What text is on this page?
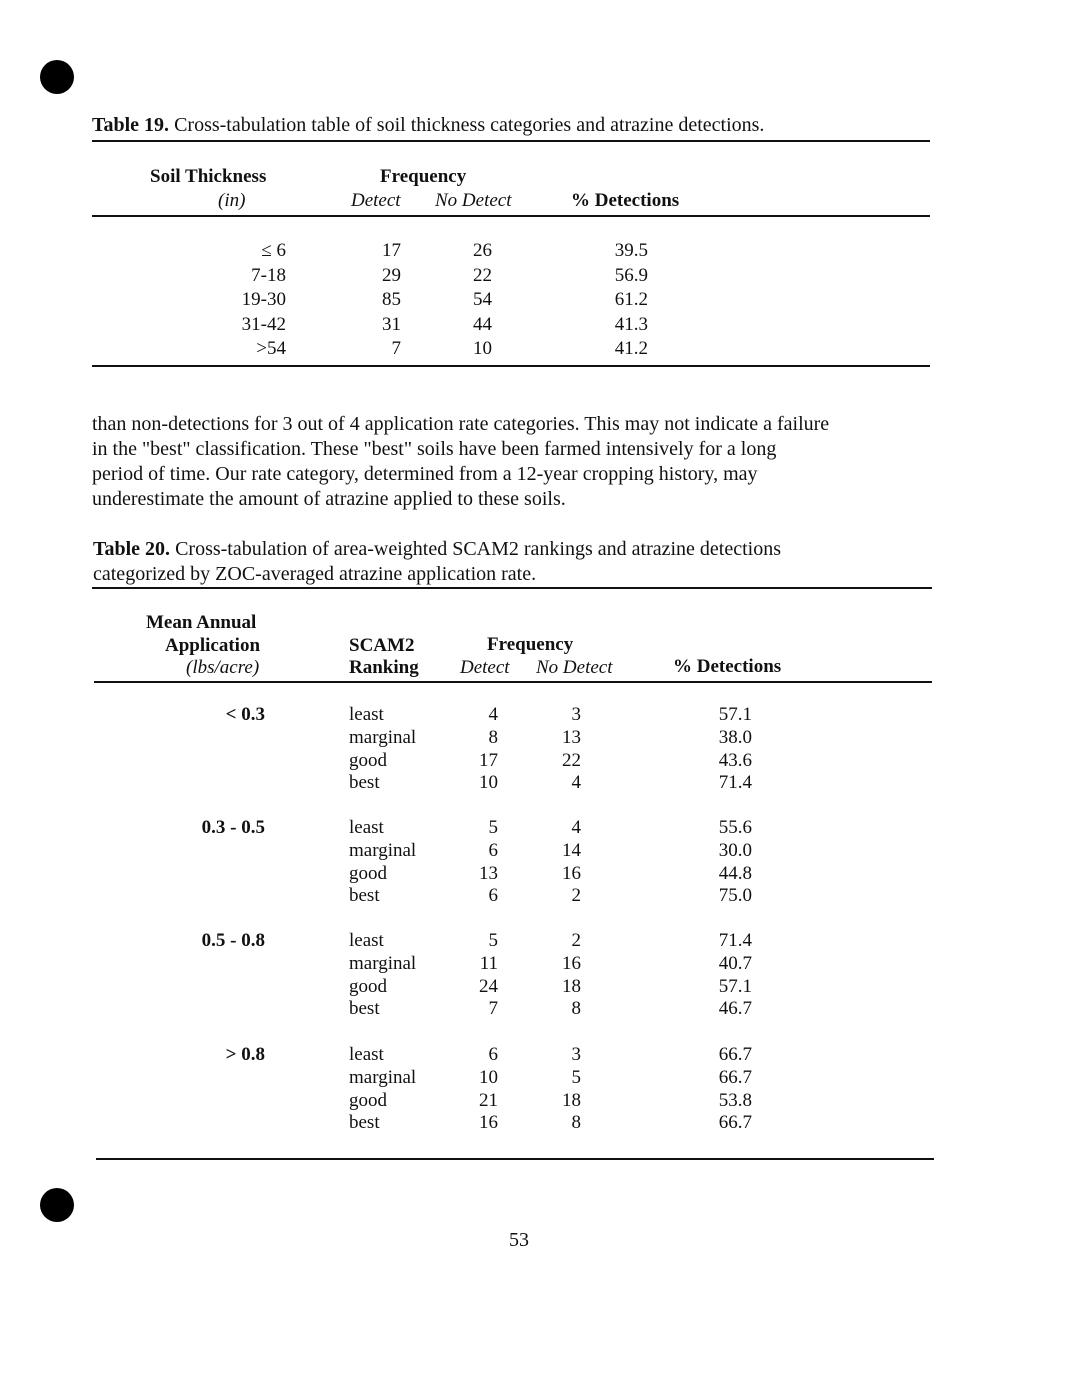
Table 19. Cross-tabulation table of soil thickness categories and atrazine detections.
Soil Thickness
(in)
Frequency
Detect No Detect	% Detections
≤ 6	17	26	39.5
7-18	29	22	56.9
19-30	85	54	61.2
31-42	31	44	41.3
>54	7	10	41.2
than non-detections for 3 out of 4 application rate categories. This may not indicate a failure
in the "best" classification. These "best" soils have been farmed intensively for a long
period of time. Our rate category, determined from a 12-year cropping history, may
underestimate the amount of atrazine applied to these soils.
Table 20. Cross-tabulation of area-weighted SCAM2 rankings and atrazine detections
categorized by ZOC-averaged atrazine application rate.
Mean Annual
Application
(lbs/acre)
SCAM2
Ranking
Frequency
Detect No Detect	% Detections
< 0.3	least	4	3	57.1
marginal	8	13	38.0
good	17	22	43.6
best	10	4	71.4
0.3 - 0.5	least	5	4	55.6
marginal	6	14	30.0
good	13	16	44.8
best	6	2	75.0
0.5 - 0.8	least	5	2	71.4
marginal	11	16	40.7
good	24	18	57.1
best	7	8	46.7
> 0.8	least	6	3	66.7
marginal	10	5	66.7
good	21	18	53.8
best	16	8	66.7
53
